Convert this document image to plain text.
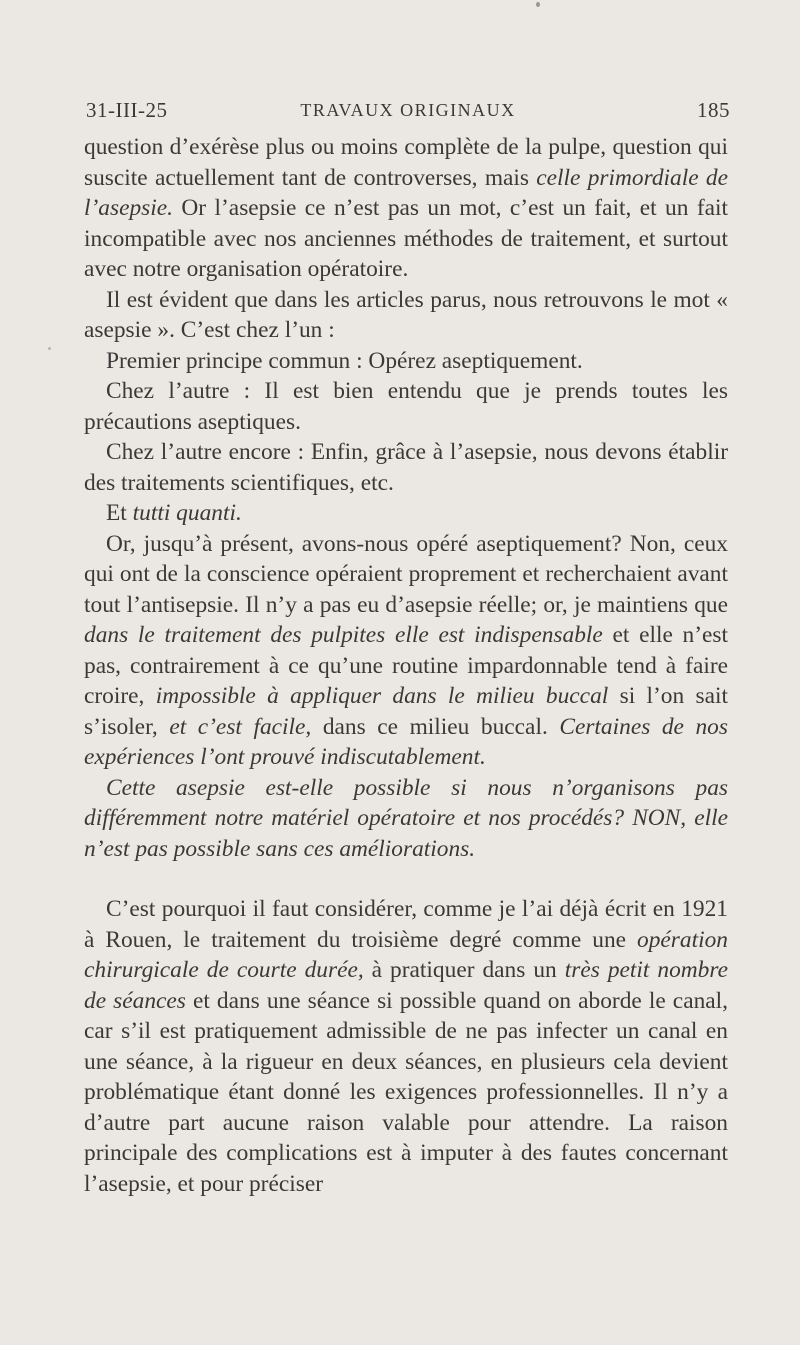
31-III-25	TRAVAUX ORIGINAUX	185

question d’exérèse plus ou moins complète de la pulpe, question qui suscite actuellement tant de controverses, mais celle primordiale de l’asepsie. Or l’asepsie ce n’est pas un mot, c’est un fait, et un fait incompatible avec nos anciennes méthodes de traitement, et surtout avec notre organisation opératoire.

Il est évident que dans les articles parus, nous retrouvons le mot « asepsie ». C’est chez l’un :

Premier principe commun : Opérez aseptiquement.

Chez l’autre : Il est bien entendu que je prends toutes les précautions aseptiques.

Chez l’autre encore : Enfin, grâce à l’asepsie, nous devons établir des traitements scientifiques, etc.

Et tutti quanti.

Or, jusqu’à présent, avons-nous opéré aseptiquement? Non, ceux qui ont de la conscience opéraient proprement et recherchaient avant tout l’antisepsie. Il n’y a pas eu d’asepsie réelle; or, je maintiens que dans le traitement des pulpites elle est indispensable et elle n’est pas, contrairement à ce qu’une routine impardonnable tend à faire croire, impossible à appliquer dans le milieu buccal si l’on sait s’isoler, et c’est facile, dans ce milieu buccal. Certaines de nos expériences l’ont prouvé indiscutablement.

Cette asepsie est-elle possible si nous n’organisons pas différemment notre matériel opératoire et nos procédés? NON, elle n’est pas possible sans ces améliorations.

C’est pourquoi il faut considérer, comme je l’ai déjà écrit en 1921 à Rouen, le traitement du troisième degré comme une opération chirurgicale de courte durée, à pratiquer dans un très petit nombre de séances et dans une séance si possible quand on aborde le canal, car s’il est pratiquement admissible de ne pas infecter un canal en une séance, à la rigueur en deux séances, en plusieurs cela devient problématique étant donné les exigences professionnelles. Il n’y a d’autre part aucune raison valable pour attendre. La raison principale des complications est à imputer à des fautes concernant l’asepsie, et pour préciser
